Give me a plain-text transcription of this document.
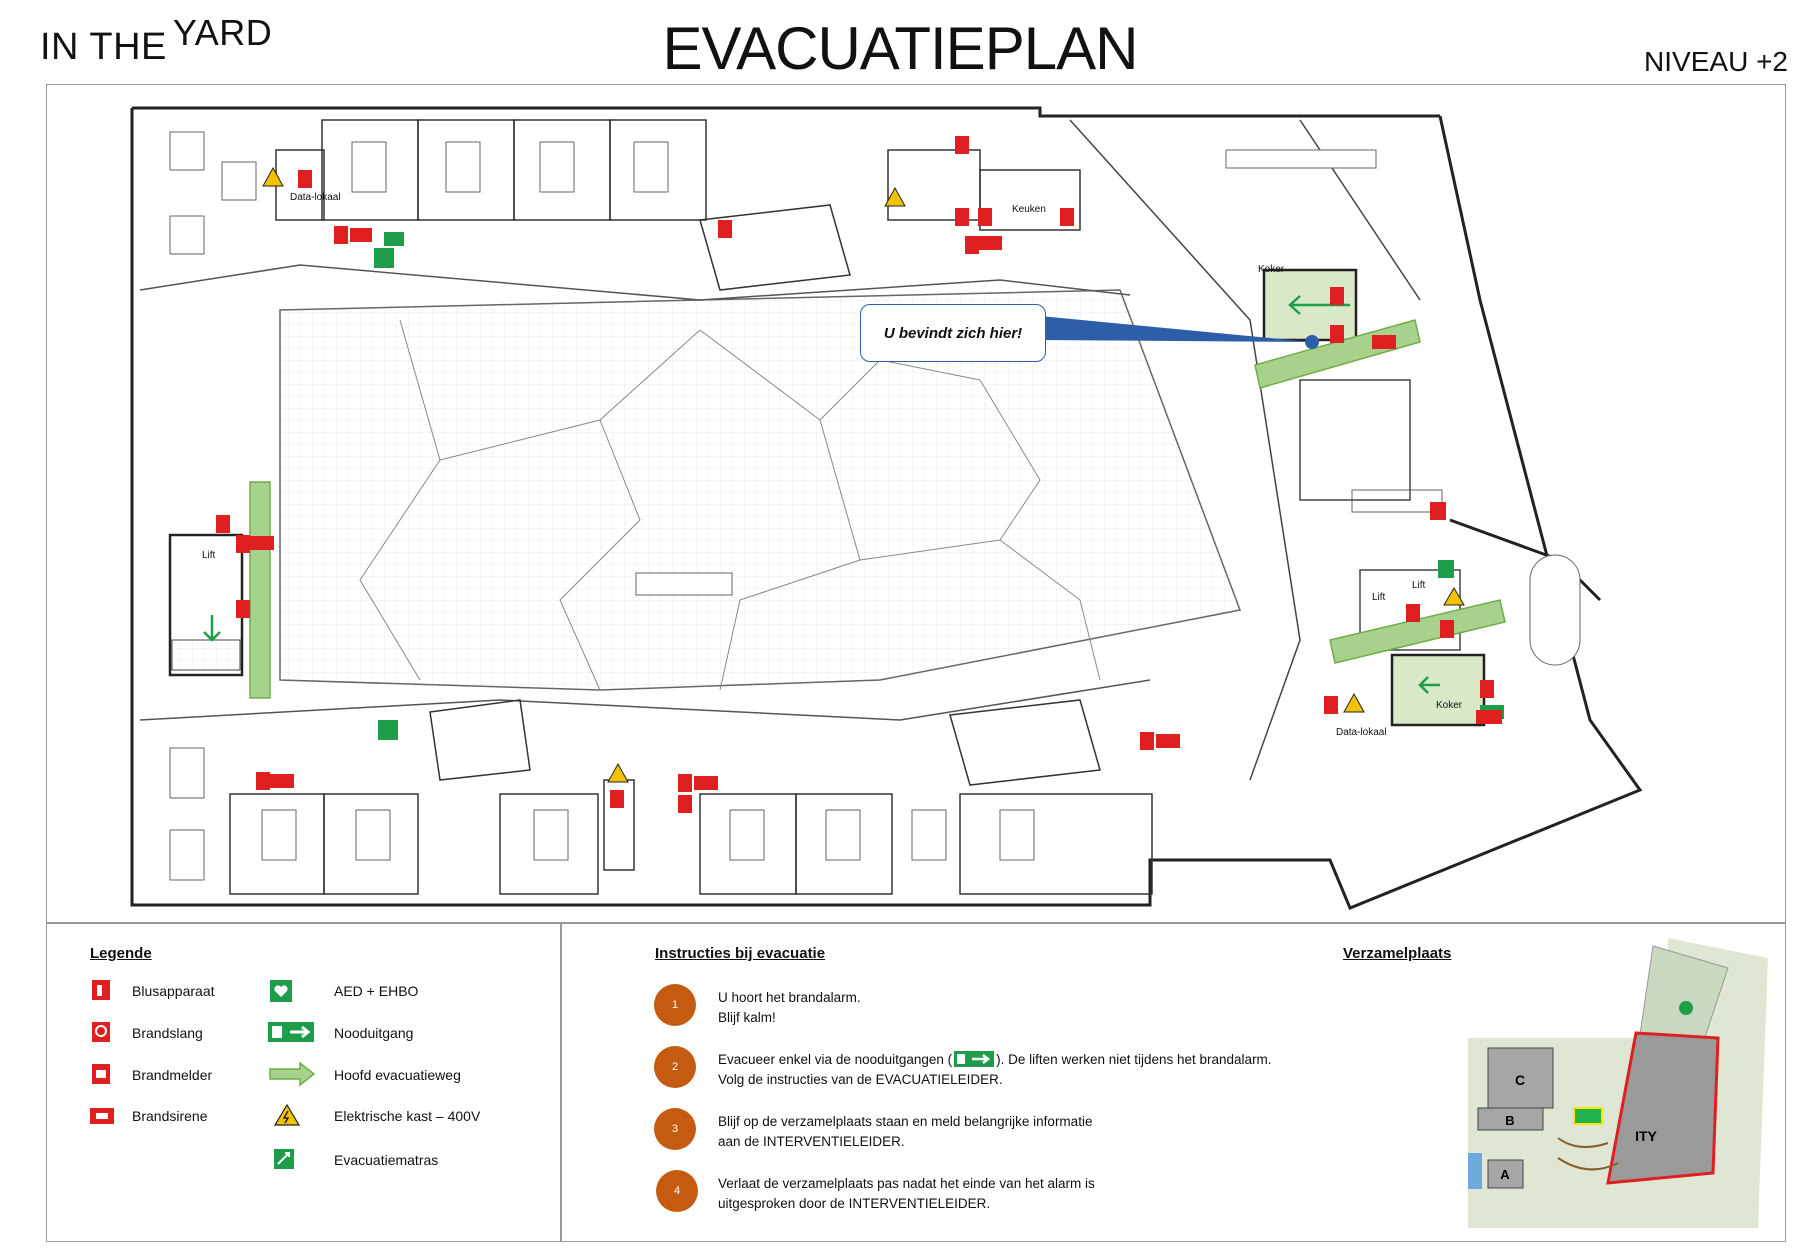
IN THE YARD	EVACUATIEPLAN	NIVEAU +2
Data-lokaal
Keuken
Koker
Lift
Lift
Lift
Koker
Data-lokaal
U bevindt zich hier!
Legende
Blusapparaat
Brandslang
Brandmelder
Brandsirene
AED + EHBO
Nooduitgang
Hoofd evacuatieweg
Elektrische kast – 400V
Evacuatiematras
Instructies bij evacuatie
1	U hoort het brandalarm.
Blijf kalm!
2	Evacueer enkel via de nooduitgangen (	). De liften werken niet tijdens het brandalarm.
Volg de instructies van de EVACUATIELEIDER.
3	Blijf op de verzamelplaats staan en meld belangrijke informatie
aan de INTERVENTIELEIDER.
4	Verlaat de verzamelplaats pas nadat het einde van het alarm is
uitgesproken door de INTERVENTIELEIDER.
Verzamelplaats
C
B
A
ITY
